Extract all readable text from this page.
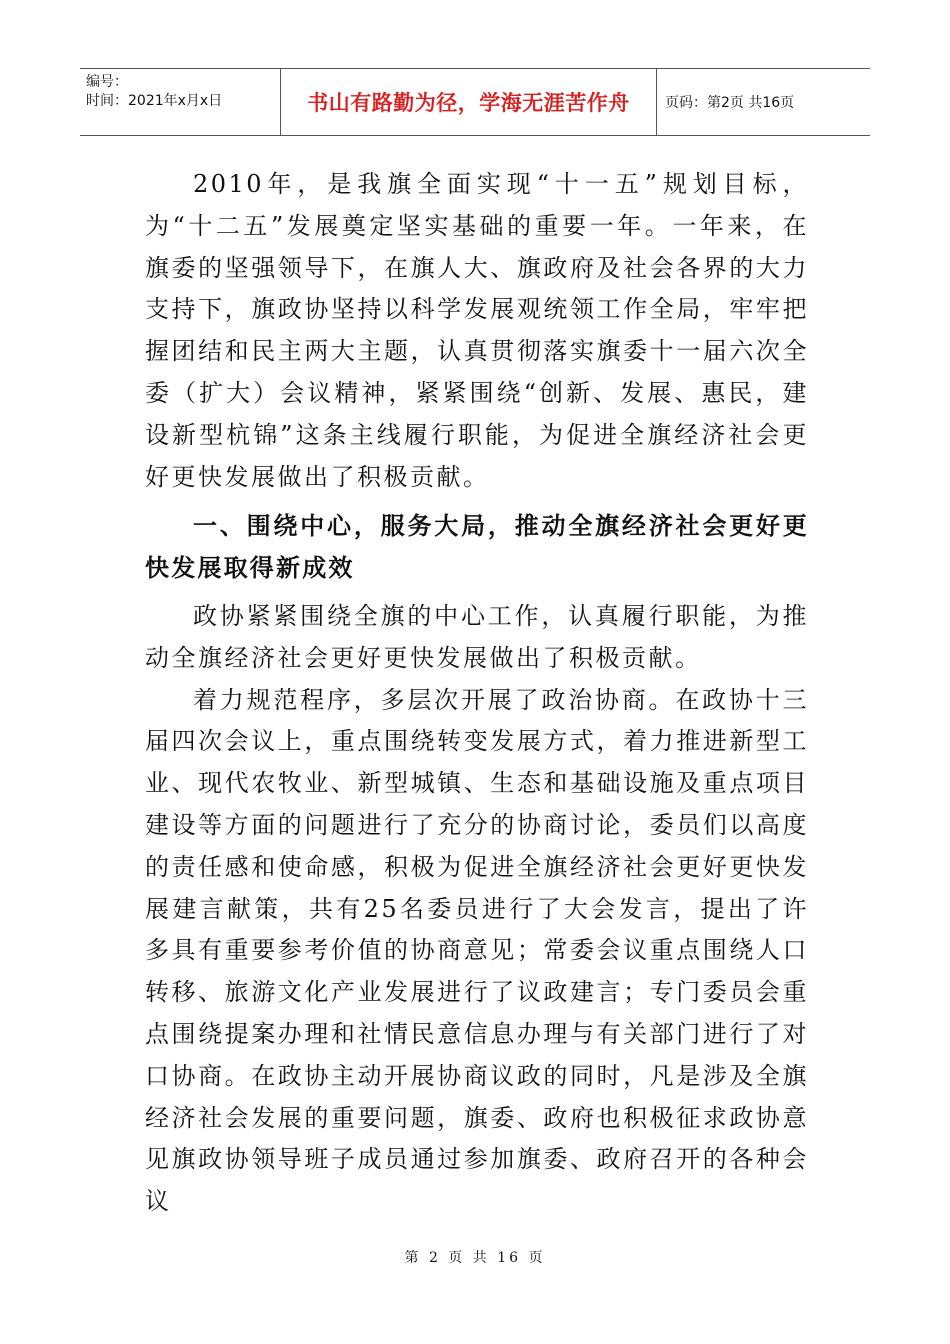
编号：
时间：2021年x月x日	书山有路勤为径，学海无涯苦作舟	页码：第2页 共16页

2010年，是我旗全面实现“十一五”规划目标，为“十二五”发展奠定坚实基础的重要一年。一年来，在旗委的坚强领导下，在旗人大、旗政府及社会各界的大力支持下，旗政协坚持以科学发展观统领工作全局，牢牢把握团结和民主两大主题，认真贯彻落实旗委十一届六次全委（扩大）会议精神，紧紧围绕“创新、发展、惠民，建设新型杭锦”这条主线履行职能，为促进全旗经济社会更好更快发展做出了积极贡献。

一、围绕中心，服务大局，推动全旗经济社会更好更快发展取得新成效

政协紧紧围绕全旗的中心工作，认真履行职能，为推动全旗经济社会更好更快发展做出了积极贡献。

着力规范程序，多层次开展了政治协商。在政协十三届四次会议上，重点围绕转变发展方式，着力推进新型工业、现代农牧业、新型城镇、生态和基础设施及重点项目建设等方面的问题进行了充分的协商讨论，委员们以高度的责任感和使命感，积极为促进全旗经济社会更好更快发展建言献策，共有25名委员进行了大会发言，提出了许多具有重要参考价值的协商意见；常委会议重点围绕人口转移、旅游文化产业发展进行了议政建言；专门委员会重点围绕提案办理和社情民意信息办理与有关部门进行了对口协商。在政协主动开展协商议政的同时，凡是涉及全旗经济社会发展的重要问题，旗委、政府也积极征求政协意见旗政协领导班子成员通过参加旗委、政府召开的各种会议

第 2 页 共 16 页
